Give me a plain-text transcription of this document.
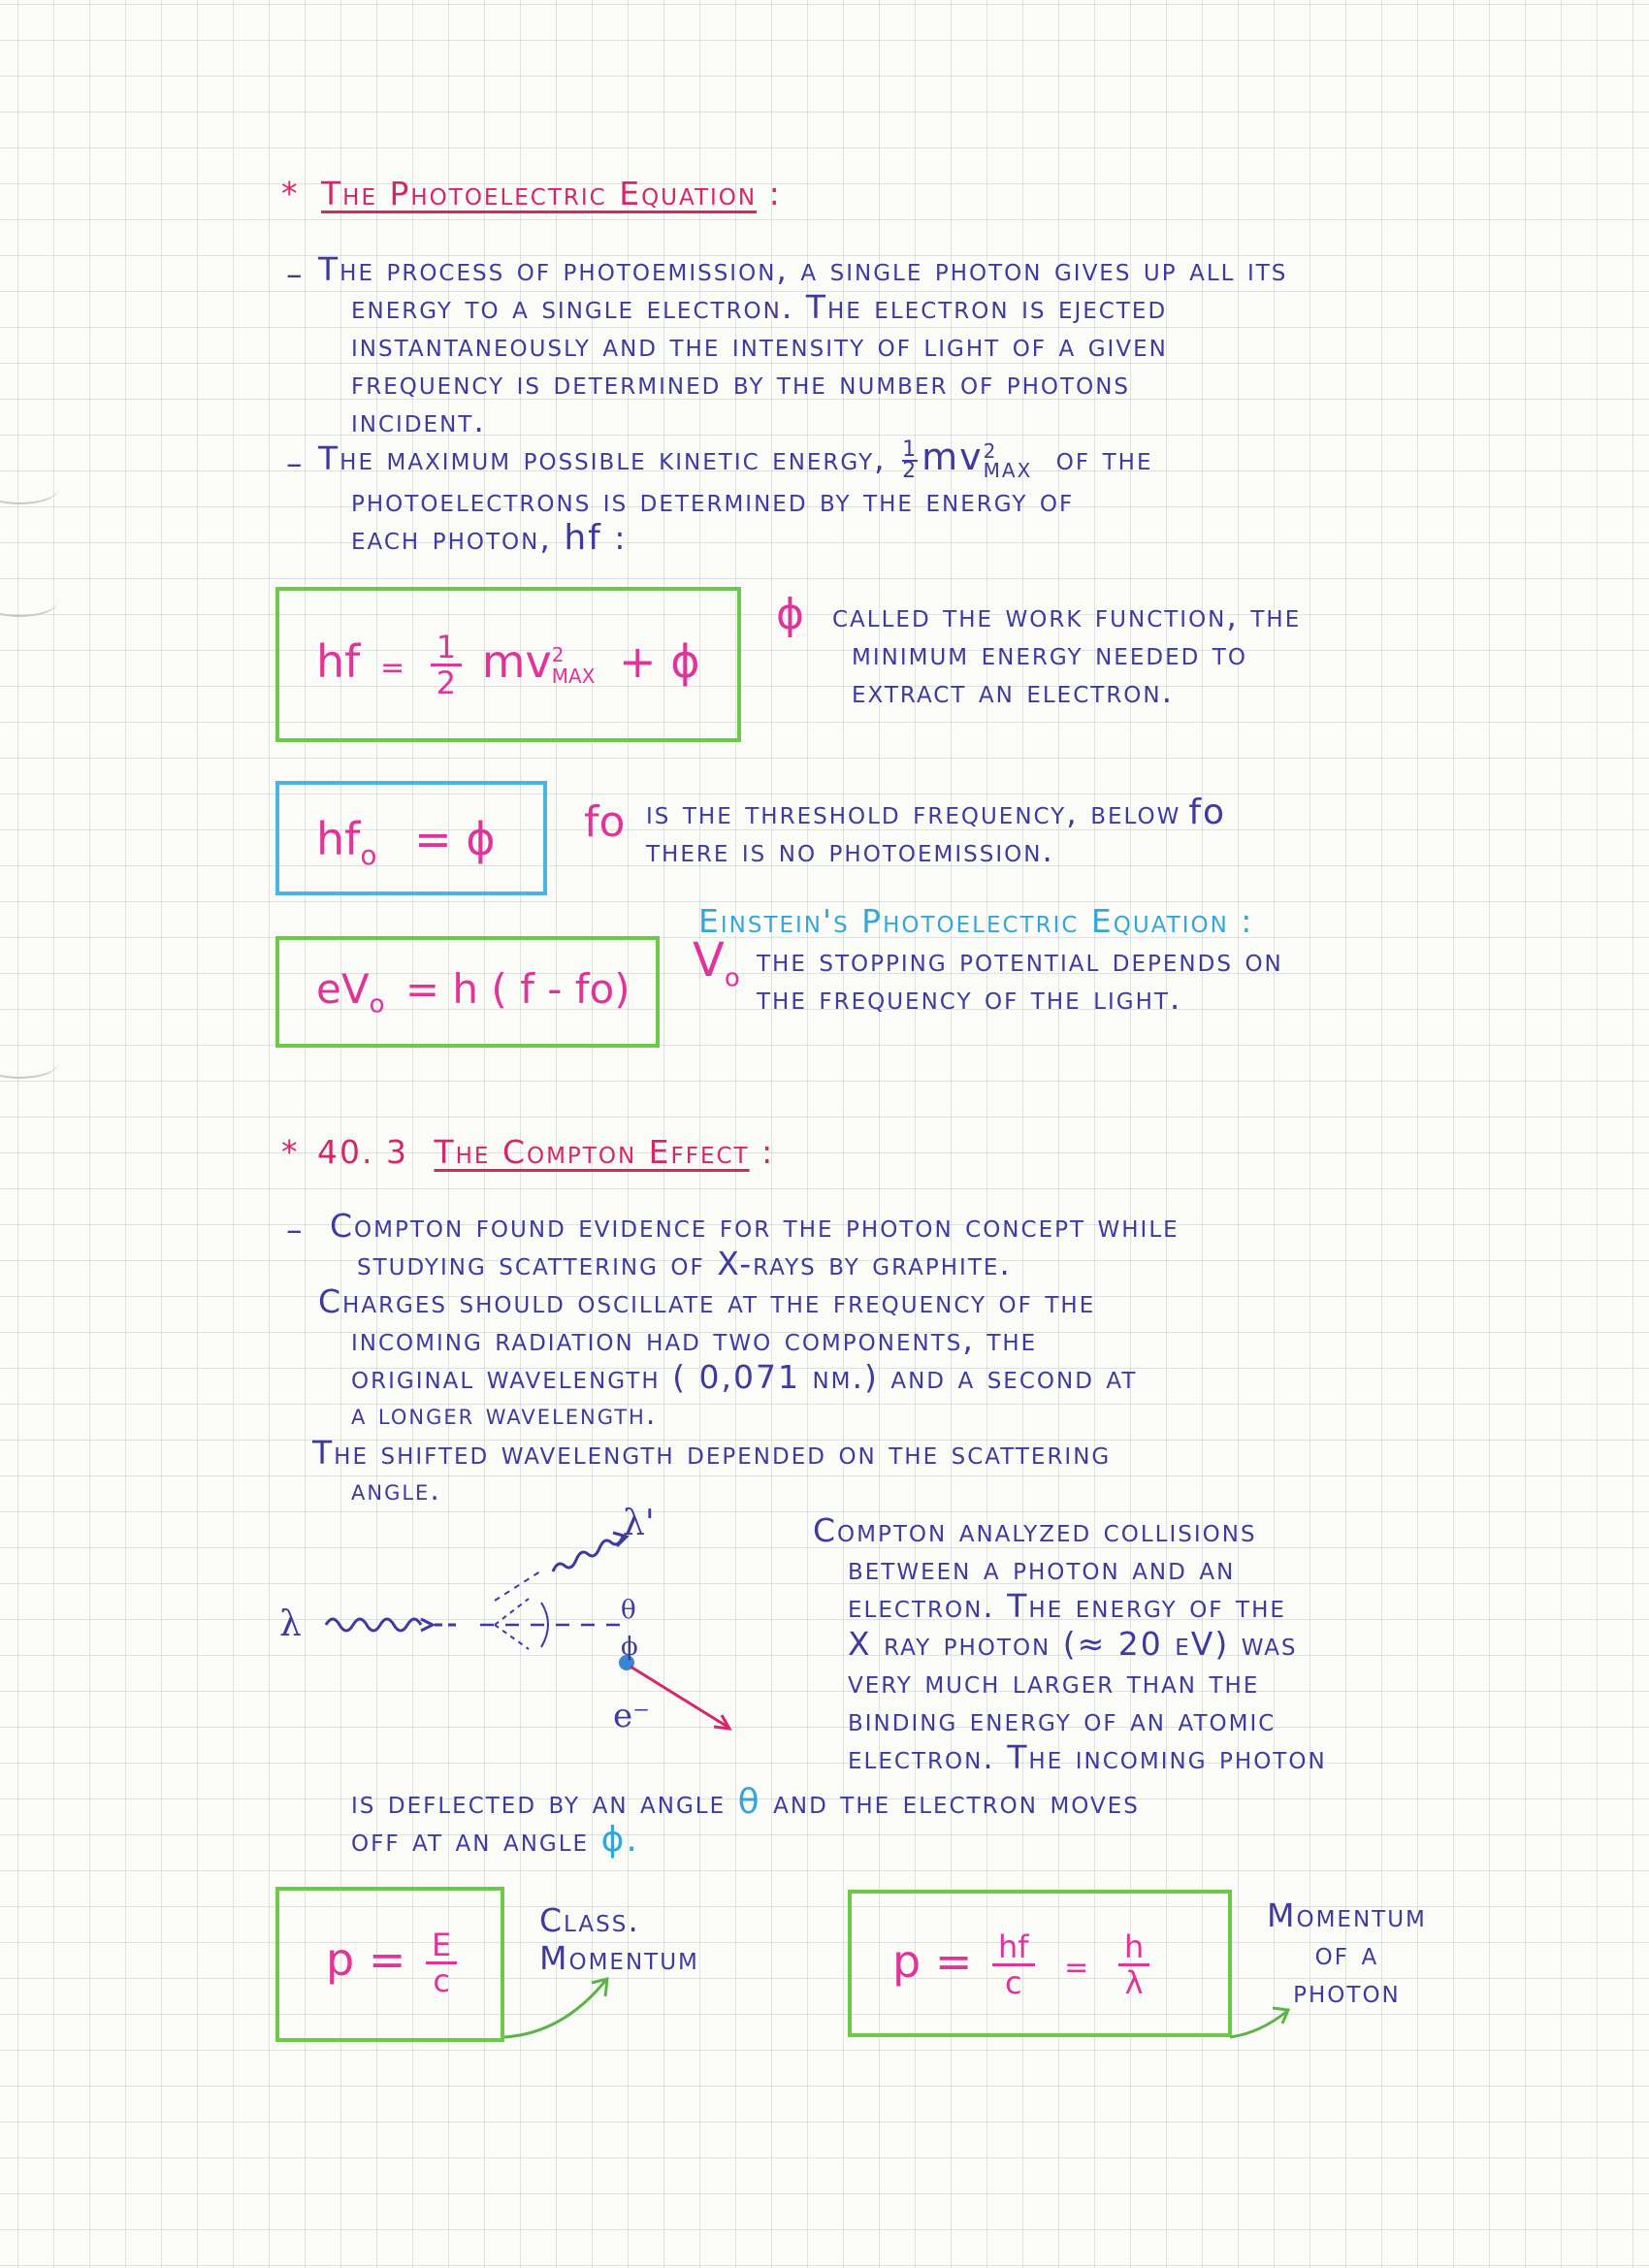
* The Photoelectric Equation :
– The process of photoemission, a single photon gives up all its
energy to a single electron. The electron is ejected
instantaneously and the intensity of light of a given
frequency is determined by the number of photons
incident.
– The maximum possible kinetic energy, $\frac{1}{2}$ mv 2
MAX of the
photoelectrons is determined by the energy of
each photon, hf :
hf = $\frac{1}{2}$ mv 2
MAX + ϕ
ϕ called the work function, the
minimum energy needed to
extract an electron.
$hf_o = \phi$ fo is the threshold frequency, below fo
there is no photoemission.
Einstein's Photoelectric Equation :
$eV_o = h$ ( f - fo)
$V_o$ the stopping potential depends on
the frequency of the light.
* 40. 3 The Compton Effect :
– Compton found evidence for the photon concept while
studying scattering of X-rays by graphite.
Charges should oscillate at the frequency of the
incoming radiation had two components, the
original wavelength ( 0,071 nm.) and a second at
a longer wavelength.
The shifted wavelength depended on the scattering
angle.
λ
λ'
θ
ϕ
e⁻
Compton analyzed collisions
between a photon and an
electron. The energy of the
X ray photon (≈ 20 eV) was
very much larger than the
binding energy of an atomic
electron. The incoming photon
is deflected by an angle θ and the electron moves
off at an angle ϕ.
$p = \frac{E}{c}$
Class.
Momentum	$p = \frac{hf}{c} = \frac{h}{\lambda}$
Momentum
of a
photon
